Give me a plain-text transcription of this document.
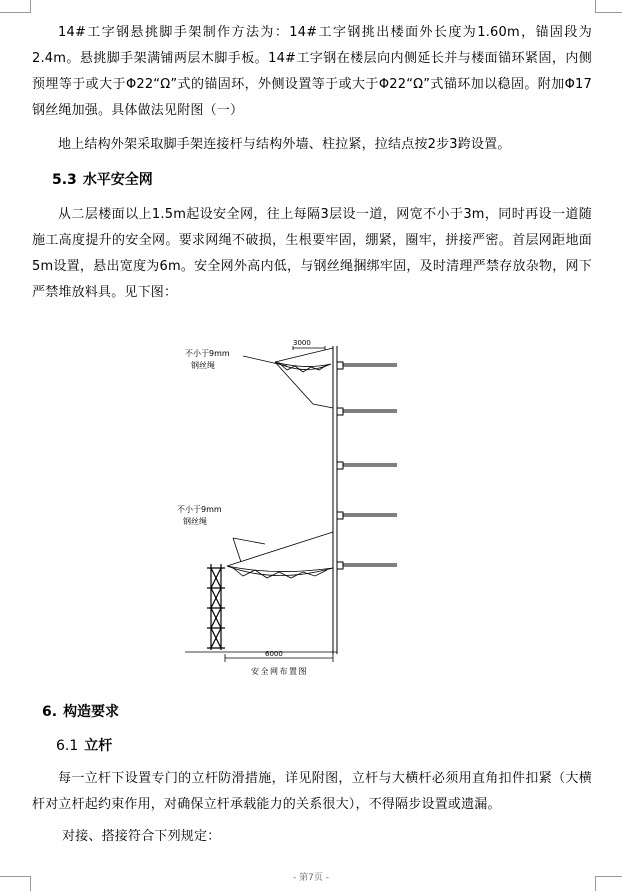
14#工字钢悬挑脚手架制作方法为：14#工字钢挑出楼面外长度为1.60m，锚固段为2.4m。悬挑脚手架满铺两层木脚手板。14#工字钢在楼层向内侧延长并与楼面锚环紧固，内侧预埋等于或大于Φ22“Ω”式的锚固环，外侧设置等于或大于Φ22“Ω”式锚环加以稳固。附加Φ17钢丝绳加强。具体做法见附图（一）
地上结构外架采取脚手架连接杆与结构外墙、柱拉紧，拉结点按2步3跨设置。
5.3 水平安全网
从二层楼面以上1.5m起设安全网，往上每隔3层设一道，网宽不小于3m，同时再设一道随施工高度提升的安全网。要求网绳不破损，生根要牢固，绷紧，圈牢，拼接严密。首层网距地面5m设置，悬出宽度为6m。安全网外高内低，与钢丝绳捆绑牢固，及时清理严禁存放杂物，网下严禁堆放料具。见下图：
不小于9mm
钢丝绳
3000
不小于9mm
钢丝绳
6000
安全网布置图
6. 构造要求
6.1 立杆
每一立杆下设置专门的立杆防滑措施，详见附图，立杆与大横杆必须用直角扣件扣紧（大横杆对立杆起约束作用，对确保立杆承载能力的关系很大），不得隔步设置或遗漏。
对接、搭接符合下列规定：
- 第7页 -
